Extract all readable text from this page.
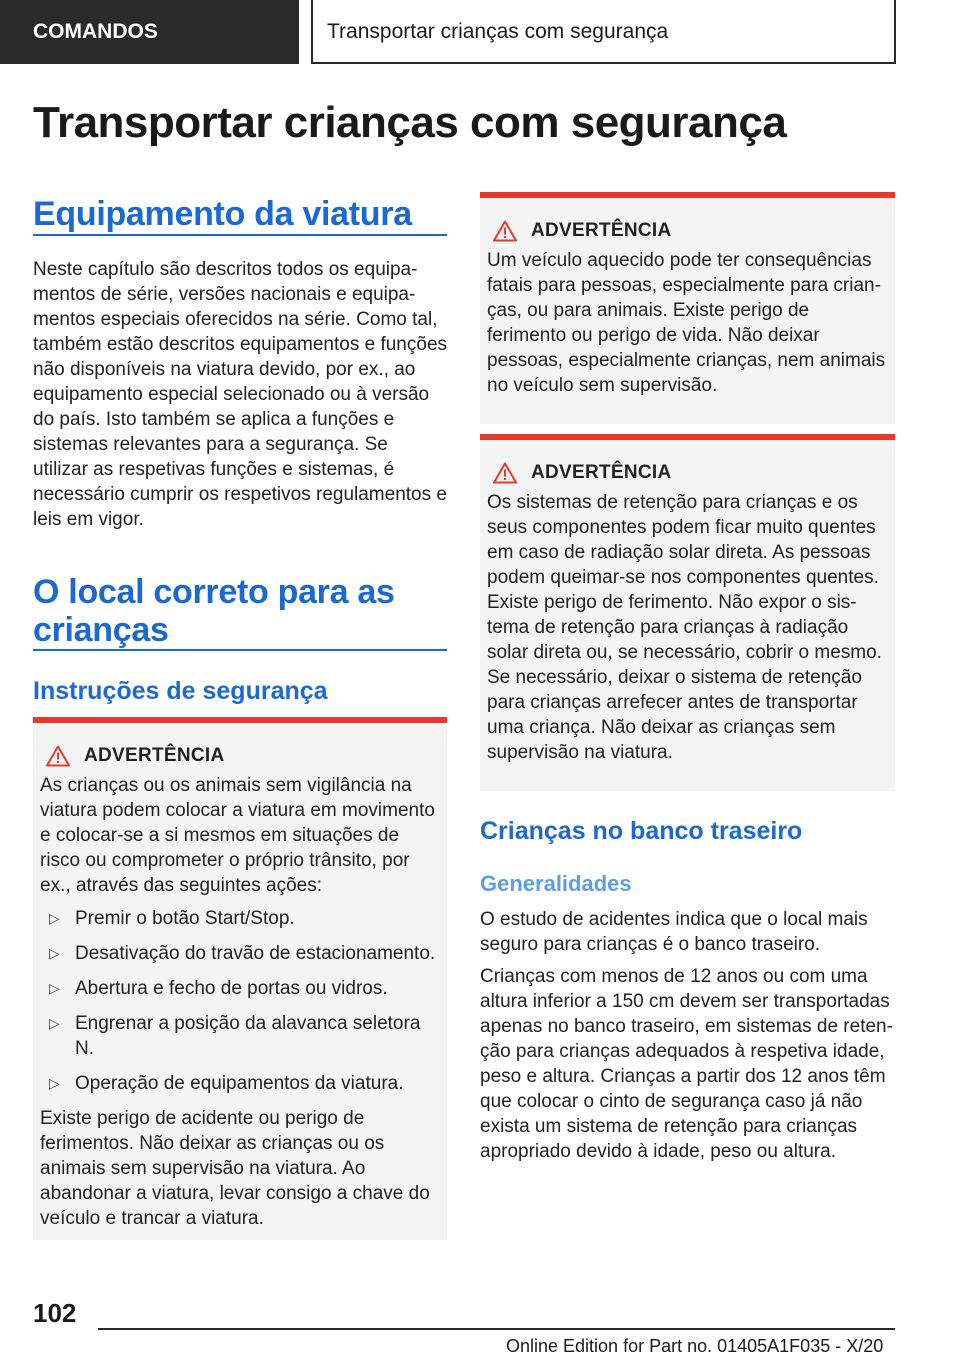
COMANDOS	Transportar crianças com segurança
Transportar crianças com segurança
Equipamento da viatura
Neste capítulo são descritos todos os equipamentos de série, versões nacionais e equipamentos especiais oferecidos na série. Como tal, também estão descritos equipamentos e funções não disponíveis na viatura devido, por ex., ao equipamento especial selecionado ou à versão do país. Isto também se aplica a funções e sistemas relevantes para a segurança. Se utilizar as respetivas funções e sistemas, é necessário cumprir os respetivos regulamentos e leis em vigor.
O local correto para as crianças
Instruções de segurança
ADVERTÊNCIA
As crianças ou os animais sem vigilância na viatura podem colocar a viatura em movimento e colocar-se a si mesmos em situações de risco ou comprometer o próprio trânsito, por ex., através das seguintes ações:
▷ Premir o botão Start/Stop.
▷ Desativação do travão de estacionamento.
▷ Abertura e fecho de portas ou vidros.
▷ Engrenar a posição da alavanca seletora N.
▷ Operação de equipamentos da viatura.
Existe perigo de acidente ou perigo de ferimentos. Não deixar as crianças ou os animais sem supervisão na viatura. Ao abandonar a viatura, levar consigo a chave do veículo e trancar a viatura.
ADVERTÊNCIA
Um veículo aquecido pode ter consequências fatais para pessoas, especialmente para crianças, ou para animais. Existe perigo de ferimento ou perigo de vida. Não deixar pessoas, especialmente crianças, nem animais no veículo sem supervisão.
ADVERTÊNCIA
Os sistemas de retenção para crianças e os seus componentes podem ficar muito quentes em caso de radiação solar direta. As pessoas podem queimar-se nos componentes quentes. Existe perigo de ferimento. Não expor o sistema de retenção para crianças à radiação solar direta ou, se necessário, cobrir o mesmo. Se necessário, deixar o sistema de retenção para crianças arrefecer antes de transportar uma criança. Não deixar as crianças sem supervisão na viatura.
Crianças no banco traseiro
Generalidades
O estudo de acidentes indica que o local mais seguro para crianças é o banco traseiro.
Crianças com menos de 12 anos ou com uma altura inferior a 150 cm devem ser transportadas apenas no banco traseiro, em sistemas de retenção para crianças adequados à respetiva idade, peso e altura. Crianças a partir dos 12 anos têm que colocar o cinto de segurança caso já não exista um sistema de retenção para crianças apropriado devido à idade, peso ou altura.
102
Online Edition for Part no. 01405A1F035 - X/20
